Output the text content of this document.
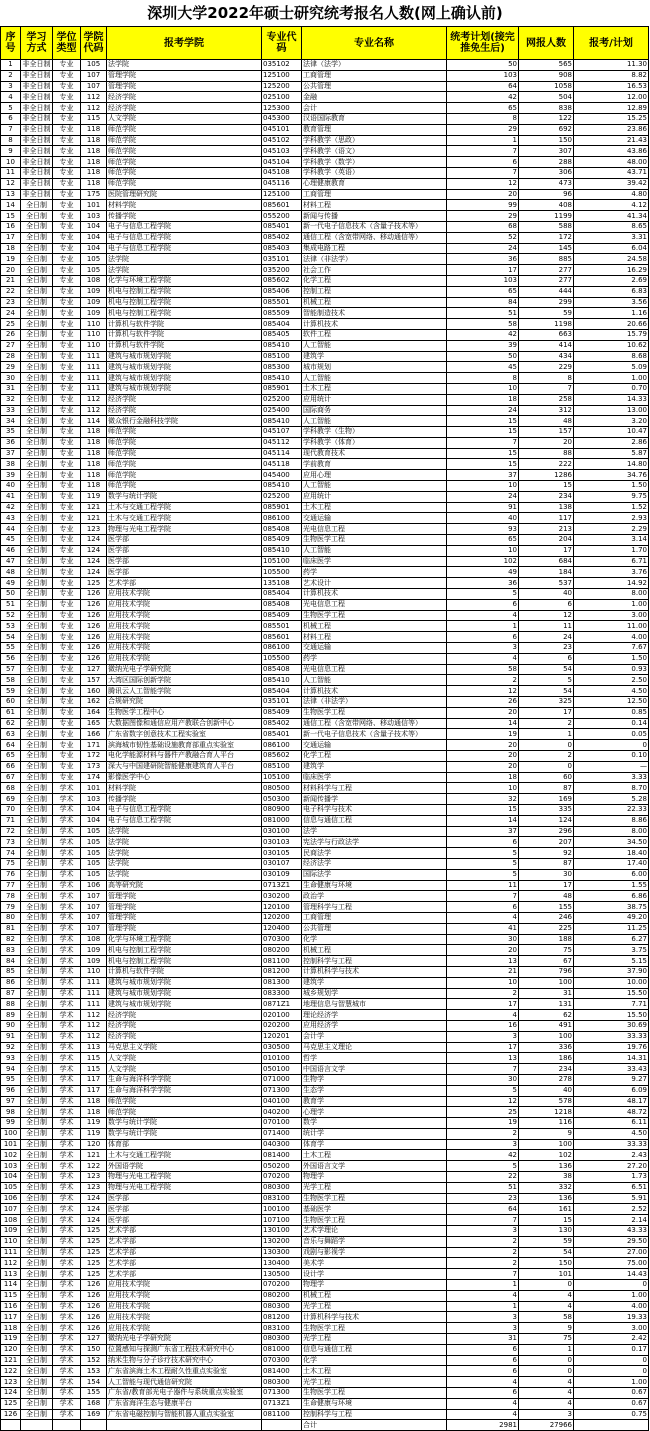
深圳大学2022年硕士研究统考报名人数(网上确认前)
序号	学习方式	学位类型	学院代码	报考学院	专业代码	专业名称	统考计划(接完推免生后)	网报人数	报考/计划
1	非全日制	专业	105	法学院	035102	法律（法学）	50	565	11.30
2	非全日制	专业	107	管理学院	125100	工商管理	103	908	8.82
3	非全日制	专业	107	管理学院	125200	公共管理	64	1058	16.53
4	非全日制	专业	112	经济学院	025100	金融	42	504	12.00
5	非全日制	专业	112	经济学院	125300	会计	65	838	12.89
6	非全日制	专业	115	人文学院	045300	汉语国际教育	8	122	15.25
7	非全日制	专业	118	师范学院	045101	教育管理	29	692	23.86
8	非全日制	专业	118	师范学院	045102	学科教学（思政）	1	150	21.43
9	非全日制	专业	118	师范学院	045103	学科教学（语文）	7	307	43.86
10	非全日制	专业	118	师范学院	045104	学科教学（数学）	6	288	48.00
11	非全日制	专业	118	师范学院	045108	学科教学（英语）	7	306	43.71
12	非全日制	专业	118	师范学院	045116	心理健康教育	12	473	39.42
13	非全日制	专业	175	医院管理研究院	125100	工商管理	20	96	4.80
14	全日制	专业	101	材料学院	085601	材料工程	99	408	4.12
15	全日制	专业	103	传播学院	055200	新闻与传播	29	1199	41.34
16	全日制	专业	104	电子与信息工程学院	085401	新一代电子信息技术（含量子技术等）	68	588	8.65
17	全日制	专业	104	电子与信息工程学院	085402	通信工程（含宽带网络、移动通信等）	52	172	3.31
18	全日制	专业	104	电子与信息工程学院	085403	集成电路工程	24	145	6.04
19	全日制	专业	105	法学院	035101	法律（非法学）	36	885	24.58
20	全日制	专业	105	法学院	035200	社会工作	17	277	16.29
21	全日制	专业	108	化学与环境工程学院	085602	化学工程	103	277	2.69
22	全日制	专业	109	机电与控制工程学院	085406	控制工程	65	444	6.83
23	全日制	专业	109	机电与控制工程学院	085501	机械工程	84	299	3.56
24	全日制	专业	109	机电与控制工程学院	085509	智能制造技术	51	59	1.16
25	全日制	专业	110	计算机与软件学院	085404	计算机技术	58	1198	20.66
26	全日制	专业	110	计算机与软件学院	085405	软件工程	42	663	15.79
27	全日制	专业	110	计算机与软件学院	085410	人工智能	39	414	10.62
28	全日制	专业	111	建筑与城市规划学院	085100	建筑学	50	434	8.68
29	全日制	专业	111	建筑与城市规划学院	085300	城市规划	45	229	5.09
30	全日制	专业	111	建筑与城市规划学院	085410	人工智能	8	8	1.00
31	全日制	专业	111	建筑与城市规划学院	085901	土木工程	10	7	0.70
32	全日制	专业	112	经济学院	025200	应用统计	18	258	14.33
33	全日制	专业	112	经济学院	025400	国际商务	24	312	13.00
34	全日制	专业	114	微众银行金融科技学院	085410	人工智能	15	48	3.20
35	全日制	专业	118	师范学院	045107	学科教学（生物）	15	157	10.47
36	全日制	专业	118	师范学院	045112	学科教学（体育）	7	20	2.86
37	全日制	专业	118	师范学院	045114	现代教育技术	15	88	5.87
38	全日制	专业	118	师范学院	045118	学前教育	15	222	14.80
39	全日制	专业	118	师范学院	045400	应用心理	37	1286	34.76
40	全日制	专业	118	师范学院	085410	人工智能	10	15	1.50
41	全日制	专业	119	数学与统计学院	025200	应用统计	24	234	9.75
42	全日制	专业	121	土木与交通工程学院	085901	土木工程	91	138	1.52
43	全日制	专业	121	土木与交通工程学院	086100	交通运输	40	117	2.93
44	全日制	专业	123	物理与光电工程学院	085408	光电信息工程	93	213	2.29
45	全日制	专业	124	医学部	085409	生物医学工程	65	204	3.14
46	全日制	专业	124	医学部	085410	人工智能	10	17	1.70
47	全日制	专业	124	医学部	105100	临床医学	102	684	6.71
48	全日制	专业	124	医学部	105500	药学	49	184	3.76
49	全日制	专业	125	艺术学部	135108	艺术设计	36	537	14.92
50	全日制	专业	126	应用技术学院	085404	计算机技术	5	40	8.00
51	全日制	专业	126	应用技术学院	085408	光电信息工程	6	6	1.00
52	全日制	专业	126	应用技术学院	085409	生物医学工程	4	12	3.00
53	全日制	专业	126	应用技术学院	085501	机械工程	1	11	11.00
54	全日制	专业	126	应用技术学院	085601	材料工程	6	24	4.00
55	全日制	专业	126	应用技术学院	086100	交通运输	3	23	7.67
56	全日制	专业	126	应用技术学院	105500	药学	4	6	1.50
57	全日制	专业	127	微纳光电子学研究院	085408	光电信息工程	58	54	0.93
58	全日制	专业	157	大湾区国际创新学院	085410	人工智能	2	5	2.50
59	全日制	专业	160	腾讯云人工智能学院	085404	计算机技术	12	54	4.50
60	全日制	专业	162	合规研究院	035101	法律（非法学）	26	325	12.50
61	全日制	专业	164	生物医学工程中心	085409	生物医学工程	20	17	0.85
62	全日制	专业	165	大数据图像和通信应用产教联合创新中心	085402	通信工程（含宽带网络、移动通信等）	14	2	0.14
63	全日制	专业	166	广东省数字创意技术工程实验室	085401	新一代电子信息技术（含量子技术等）	19	1	0.05
64	全日制	专业	171	滨海城市韧性基础设施教育部重点实验室	086100	交通运输	20	0	0
65	全日制	专业	172	电化学能源材料与器件产教融合育人平台	085602	化学工程	20	2	0.10
66	全日制	专业	173	深大与中国建研院智能健康建筑育人平台	085100	建筑学	20	0	—
67	全日制	专业	174	影像医学中心	105100	临床医学	18	60	3.33
68	全日制	学术	101	材料学院	080500	材料科学与工程	10	87	8.70
69	全日制	学术	103	传播学院	050300	新闻传播学	32	169	5.28
70	全日制	学术	104	电子与信息工程学院	080900	电子科学与技术	15	335	22.33
71	全日制	学术	104	电子与信息工程学院	081000	信息与通信工程	14	124	8.86
72	全日制	学术	105	法学院	030100	法学	37	296	8.00
73	全日制	学术	105	法学院	030103	宪法学与行政法学	6	207	34.50
74	全日制	学术	105	法学院	030105	民商法学	5	92	18.40
75	全日制	学术	105	法学院	030107	经济法学	5	87	17.40
76	全日制	学术	105	法学院	030109	国际法学	5	30	6.00
77	全日制	学术	106	高等研究院	0713Z1	生命健康与环境	11	17	1.55
78	全日制	学术	107	管理学院	030200	政治学	7	48	6.86
79	全日制	学术	107	管理学院	120100	管理科学与工程	6	155	38.75
80	全日制	学术	107	管理学院	120200	工商管理	4	246	49.20
81	全日制	学术	107	管理学院	120400	公共管理	41	225	11.25
82	全日制	学术	108	化学与环境工程学院	070300	化学	30	188	6.27
83	全日制	学术	109	机电与控制工程学院	080200	机械工程	20	75	3.75
84	全日制	学术	109	机电与控制工程学院	081100	控制科学与工程	13	67	5.15
85	全日制	学术	110	计算机与软件学院	081200	计算机科学与技术	21	796	37.90
86	全日制	学术	111	建筑与城市规划学院	081300	建筑学	10	100	10.00
87	全日制	学术	111	建筑与城市规划学院	083300	城乡规划学	2	31	15.50
88	全日制	学术	111	建筑与城市规划学院	0871Z1	地理信息与智慧城市	17	131	7.71
89	全日制	学术	112	经济学院	020100	理论经济学	4	62	15.50
90	全日制	学术	112	经济学院	020200	应用经济学	16	491	30.69
91	全日制	学术	112	经济学院	120201	会计学	3	100	33.33
92	全日制	学术	113	马克思主义学院	030500	马克思主义理论	17	336	19.76
93	全日制	学术	115	人文学院	010100	哲学	13	186	14.31
94	全日制	学术	115	人文学院	050100	中国语言文学	7	234	33.43
95	全日制	学术	117	生命与海洋科学学院	071000	生物学	30	278	9.27
96	全日制	学术	117	生命与海洋科学学院	071300	生态学	5	40	6.09
97	全日制	学术	118	师范学院	040100	教育学	12	578	48.17
98	全日制	学术	118	师范学院	040200	心理学	25	1218	48.72
99	全日制	学术	119	数学与统计学院	070100	数学	19	116	6.11
100	全日制	学术	119	数学与统计学院	071400	统计学	2	9	4.50
101	全日制	学术	120	体育部	040300	体育学	3	100	33.33
102	全日制	学术	121	土木与交通工程学院	081400	土木工程	42	102	2.43
103	全日制	学术	122	外国语学院	050200	外国语言文学	5	136	27.20
104	全日制	学术	123	物理与光电工程学院	070200	物理学	22	38	1.73
105	全日制	学术	123	物理与光电工程学院	080300	光学工程	51	332	6.51
106	全日制	学术	124	医学部	083100	生物医学工程	23	136	5.91
107	全日制	学术	124	医学部	100100	基础医学	64	161	2.52
108	全日制	学术	124	医学部	107100	生物医学工程	7	15	2.14
109	全日制	学术	125	艺术学部	130100	艺术学理论	3	130	43.33
110	全日制	学术	125	艺术学部	130200	音乐与舞蹈学	2	59	29.50
111	全日制	学术	125	艺术学部	130300	戏剧与影视学	2	54	27.00
112	全日制	学术	125	艺术学部	130400	美术学	2	150	75.00
113	全日制	学术	125	艺术学部	130500	设计学	7	101	14.43
114	全日制	学术	126	应用技术学院	070200	物理学	1	0	0
115	全日制	学术	126	应用技术学院	080200	机械工程	4	4	1.00
116	全日制	学术	126	应用技术学院	080300	光学工程	1	4	4.00
117	全日制	学术	126	应用技术学院	081200	计算机科学与技术	3	58	19.33
118	全日制	学术	126	应用技术学院	083100	生物医学工程	3	9	3.00
119	全日制	学术	127	微纳光电子学研究院	080300	光学工程	31	75	2.42
120	全日制	学术	150	位置感知与探测广东省工程技术研究中心	081000	信息与通信工程	6	1	0.17
121	全日制	学术	152	纳米生物与分子诊疗技术研究中心	070300	化学	6	0	0
122	全日制	学术	153	广东省滨海土木工程耐久性重点实验室	081400	土木工程	6	0	0
123	全日制	学术	154	人工智能与现代通信研究院	080300	光学工程	4	4	1.00
124	全日制	学术	155	广东省/教育部光电子器件与系统重点实验室	071300	生物医学工程	6	4	0.67
125	全日制	学术	168	广东省海洋生态与健康平台	0713Z1	生命健康与环境	4	4	0.67
126	全日制	学术	169	广东省电磁控制与智能机器人重点实验室	081100	控制科学与工程	4	3	0.75
						合计	2981	27966	
